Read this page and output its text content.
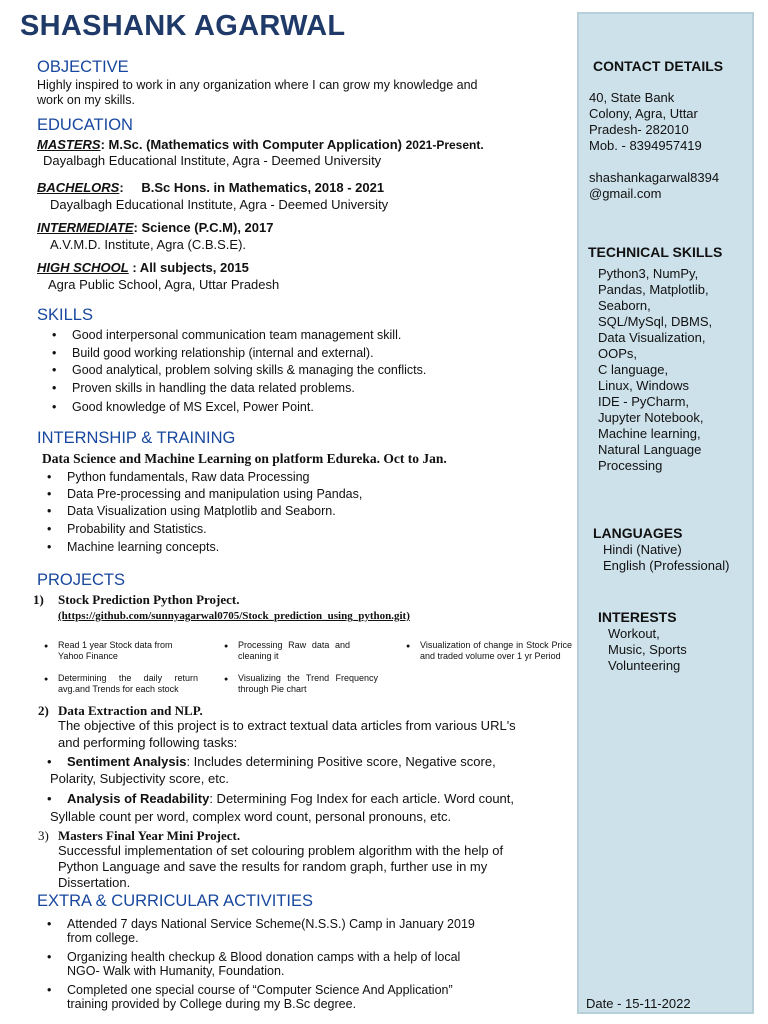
CONTACT DETAILS
40, State Bank
Colony, Agra, Uttar
Pradesh- 282010
Mob. - 8394957419
shashankagarwal8394
@gmail.com
TECHNICAL SKILLS
Python3, NumPy,
Pandas, Matplotlib,
Seaborn,
SQL/MySql, DBMS,
Data Visualization,
OOPs,
C language,
Linux, Windows
IDE - PyCharm,
Jupyter Notebook,
Machine learning,
Natural Language
Processing
LANGUAGES
Hindi (Native)
English (Professional)
INTERESTS
Workout,
Music, Sports
Volunteering
Date - 15-11-2022
SHASHANK AGARWAL
OBJECTIVE
Highly inspired to work in any organization where I can grow my knowledge and
work on my skills.
EDUCATION
MASTERS: M.Sc. (Mathematics with Computer Application) 2021-Present.
Dayalbagh Educational Institute, Agra - Deemed University
BACHELORS: B.Sc Hons. in Mathematics, 2018 - 2021
Dayalbagh Educational Institute, Agra - Deemed University
INTERMEDIATE: Science (P.C.M), 2017
A.V.M.D. Institute, Agra (C.B.S.E).
HIGH SCHOOL : All subjects, 2015
Agra Public School, Agra, Uttar Pradesh
SKILLS
• Good interpersonal communication team management skill.
• Build good working relationship (internal and external).
• Good analytical, problem solving skills & managing the conflicts.
• Proven skills in handling the data related problems.
• Good knowledge of MS Excel, Power Point.
INTERNSHIP & TRAINING
Data Science and Machine Learning on platform Edureka. Oct to Jan.
• Python fundamentals, Raw data Processing
• Data Pre-processing and manipulation using Pandas,
• Data Visualization using Matplotlib and Seaborn.
• Probability and Statistics.
• Machine learning concepts.
PROJECTS
1) Stock Prediction Python Project.
(https://github.com/sunnyagarwal0705/Stock_prediction_using_python.git)
● Read 1 year Stock data from Yahoo Finance
● Processing Raw data and cleaning it
● Visualization of change in Stock Price and traded volume over 1 yr Period
● Determining the daily return avg.and Trends for each stock
● Visualizing the Trend Frequency through Pie chart
2) Data Extraction and NLP.
The objective of this project is to extract textual data articles from various URL's
and performing following tasks:
• Sentiment Analysis: Includes determining Positive score, Negative score,
Polarity, Subjectivity score, etc.
• Analysis of Readability: Determining Fog Index for each article. Word count,
Syllable count per word, complex word count, personal pronouns, etc.
3) Masters Final Year Mini Project.
Successful implementation of set colouring problem algorithm with the help of
Python Language and save the results for random graph, further use in my
Dissertation.
EXTRA & CURRICULAR ACTIVITIES
• Attended 7 days National Service Scheme(N.S.S.) Camp in January 2019
from college.
• Organizing health checkup & Blood donation camps with a help of local
NGO- Walk with Humanity, Foundation.
• Completed one special course of “Computer Science And Application”
training provided by College during my B.Sc degree.
